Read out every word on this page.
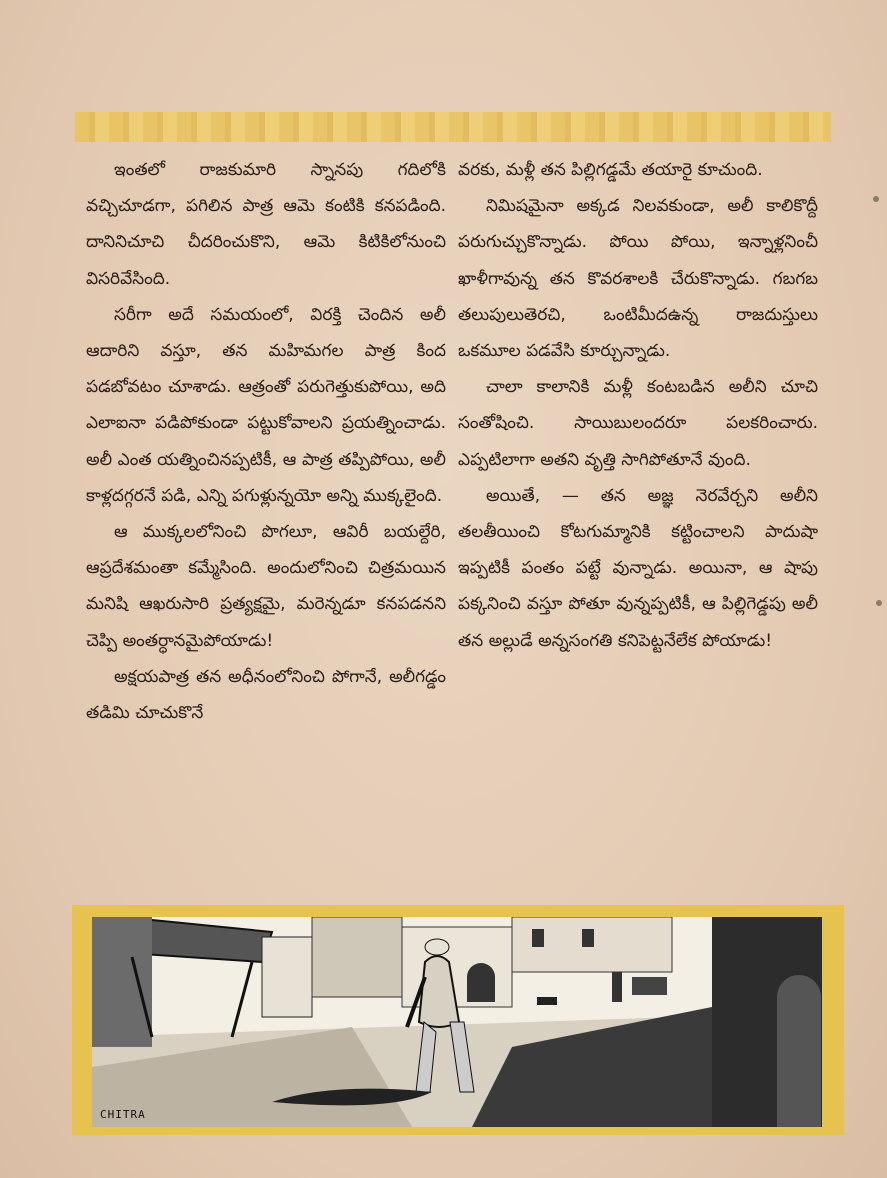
ఇంతలో రాజకుమారి స్నానపు గదిలోకి వచ్చిచూడగా, పగిలిన పాత్ర ఆమె కంటికి కనపడింది. దానినిచూచి చీదరించుకొని, ఆమె కిటికిలోనుంచి విసరివేసింది.

సరీగా అదే సమయంలో, విరక్తి చెందిన అలీ ఆదారిని వస్తూ, తన మహిమగల పాత్ర కింద పడబోవటం చూశాడు. ఆత్రంతో పరుగెత్తుకుపోయి, అది ఎలాఐనా పడిపోకుండా పట్టుకోవాలని ప్రయత్నించాడు. అలీ ఎంత యత్నించినప్పటికీ, ఆ పాత్ర తప్పిపోయి, అలీ కాళ్లదగ్గరనే పడి, ఎన్ని పగుళ్లున్నయో అన్ని ముక్కలైంది.

ఆ ముక్కలలోనించి పొగలూ, ఆవిరీ బయల్దేరి, ఆప్రదేశమంతా కమ్మేసింది. అందులోనించి చిత్రమయిన మనిషి ఆఖరుసారి ప్రత్యక్షమై, మరెన్నడూ కనపడనని చెప్పి అంతర్ధానమైపోయాడు!

అక్షయపాత్ర తన అధీనంలోనించి పోగానే, అలీగడ్డం తడిమి చూచుకొనే

వరకు, మళ్లీ తన పిల్లిగడ్డమే తయారై కూచుంది.

నిమిషమైనా అక్కడ నిలవకుండా, అలీ కాలికొద్దీ పరుగుచ్చుకొన్నాడు. పోయి పోయి, ఇన్నాళ్లనించీ ఖాళీగావున్న తన కొవరశాలకి చేరుకొన్నాడు. గబగబ తలుపులుతెరచి, ఒంటిమీదఉన్న రాజదుస్తులు ఒకమూల పడవేసి కూర్చున్నాడు.

చాలా కాలానికి మళ్లీ కంటబడిన అలీని చూచి సంతోషించి. సాయిబులందరూ పలకరించారు. ఎప్పటిలాగా అతని వృత్తి సాగిపోతూనే వుంది.

అయితే, — తన అజ్ఞ నెరవేర్చని అలీని తలతీయించి కోటగుమ్మానికి కట్టించాలని పాదుషా ఇప్పటికీ పంతం పట్టే వున్నాడు. అయినా, ఆ షాపు పక్కనించి వస్తూ పోతూ వున్నప్పటికీ, ఆ పిల్లిగెడ్డపు అలీ తన అల్లుడే అన్నసంగతి కనిపెట్టనేలేక పోయాడు!

CHITRA
